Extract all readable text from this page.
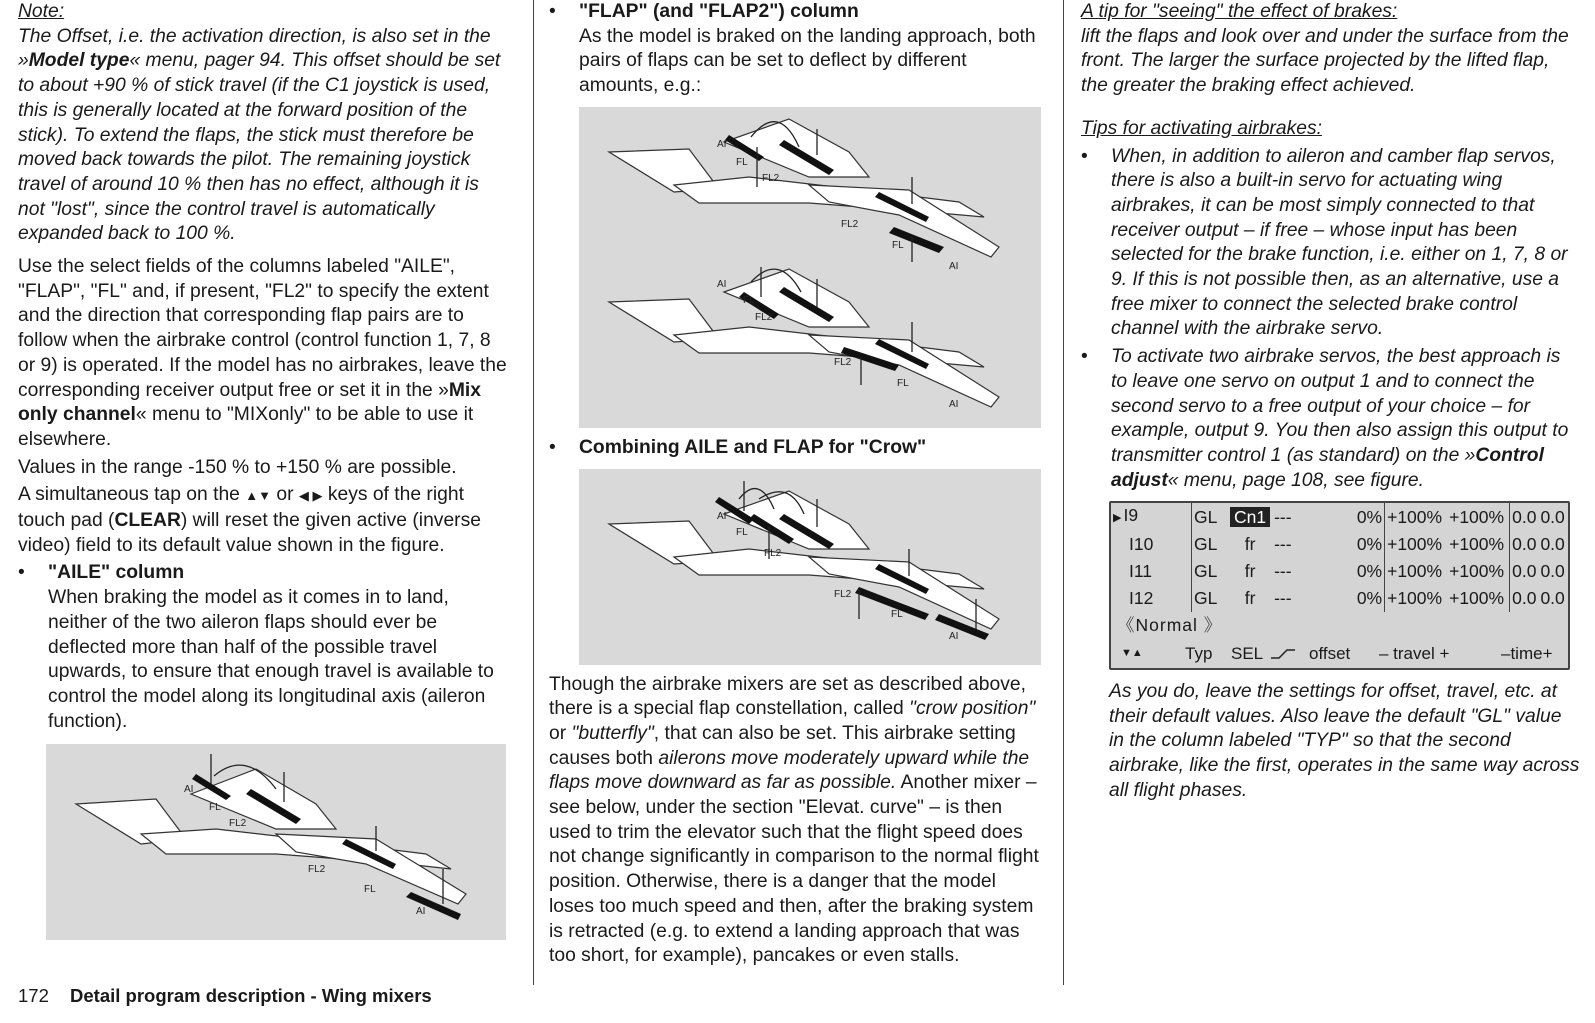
Note:
The Offset, i.e. the activation direction, is also set in the »Model type« menu, pager 94. This offset should be set to about +90 % of stick travel (if the C1 joystick is used, this is generally located at the forward position of the stick). To extend the flaps, the stick must therefore be moved back towards the pilot. The remaining joystick travel of around 10 % then has no effect, although it is not "lost", since the control travel is automatically expanded back to 100 %.

Use the select fields of the columns labeled "AILE", "FLAP", "FL" and, if present, "FL2" to specify the extent and the direction that corresponding flap pairs are to follow when the airbrake control (control function 1, 7, 8 or 9) is operated. If the model has no airbrakes, leave the corresponding receiver output free or set it in the »Mix only channel« menu to "MIXonly" to be able to use it elsewhere.

Values in the range -150 % to +150 % are possible.

A simultaneous tap on the ▲▼ or ◀ ▶ keys of the right touch pad (CLEAR) will reset the given active (inverse video) field to its default value shown in the figure.

• "AILE" column
When braking the model as it comes in to land, neither of the two aileron flaps should ever be deflected more than half of the possible travel upwards, to ensure that enough travel is available to control the model along its longitudinal axis (aileron function).
AI
FL
FL2
FL2
FL
AI
• "FLAP" (and "FLAP2") column
As the model is braked on the landing approach, both pairs of flaps can be set to deflect by different amounts, e.g.:
AI
FL
FL2
FL2
FL
AI
AI
FL
FL2
FL2
FL
AI
• Combining AILE and FLAP for "Crow"
AI
FL
FL2
FL2
FL
AI

Though the airbrake mixers are set as described above, there is a special flap constellation, called "crow position" or "butterfly", that can also be set. This airbrake setting causes both ailerons move moderately upward while the flaps move downward as far as possible. Another mixer – see below, under the section "Elevat. curve" – is then used to trim the elevator such that the flight speed does not change significantly in comparison to the normal flight position. Otherwise, there is a danger that the model loses too much speed and then, after the braking system is retracted (e.g. to extend a landing approach that was too short, for example), pancakes or even stalls.

A tip for "seeing" the effect of brakes:
lift the flaps and look over and under the surface from the front. The larger the surface projected by the lifted flap, the greater the braking effect achieved.

Tips for activating airbrakes:

• When, in addition to aileron and camber flap servos, there is also a built-in servo for actuating wing airbrakes, it can be most simply connected to that receiver output – if free – whose input has been selected for the brake function, i.e. either on 1, 7, 8 or 9. If this is not possible then, as an alternative, use a free mixer to connect the selected brake control channel with the airbrake servo.
• To activate two airbrake servos, the best approach is to leave one servo on output 1 and to connect the second servo to a free output of your choice – for example, output 9. You then also assign this output to transmitter control 1 (as standard) on the »Control adjust« menu, page 108, see figure.
▶ I9	GL	Cn1	---	0%	+100%	+100%	0.0	0.0
I10	GL	fr	---	0%	+100%	+100%	0.0	0.0
I11	GL	fr	---	0%	+100%	+100%	0.0	0.0
I12	GL	fr	---	0%	+100%	+100%	0.0	0.0
《Normal 》
▼▲	Typ	SEL	offset	– travel +	–time+

As you do, leave the settings for offset, travel, etc. at their default values. Also leave the default "GL" value in the column labeled "TYP" so that the second airbrake, like the first, operates in the same way across all flight phases.

172 Detail program description - Wing mixers
